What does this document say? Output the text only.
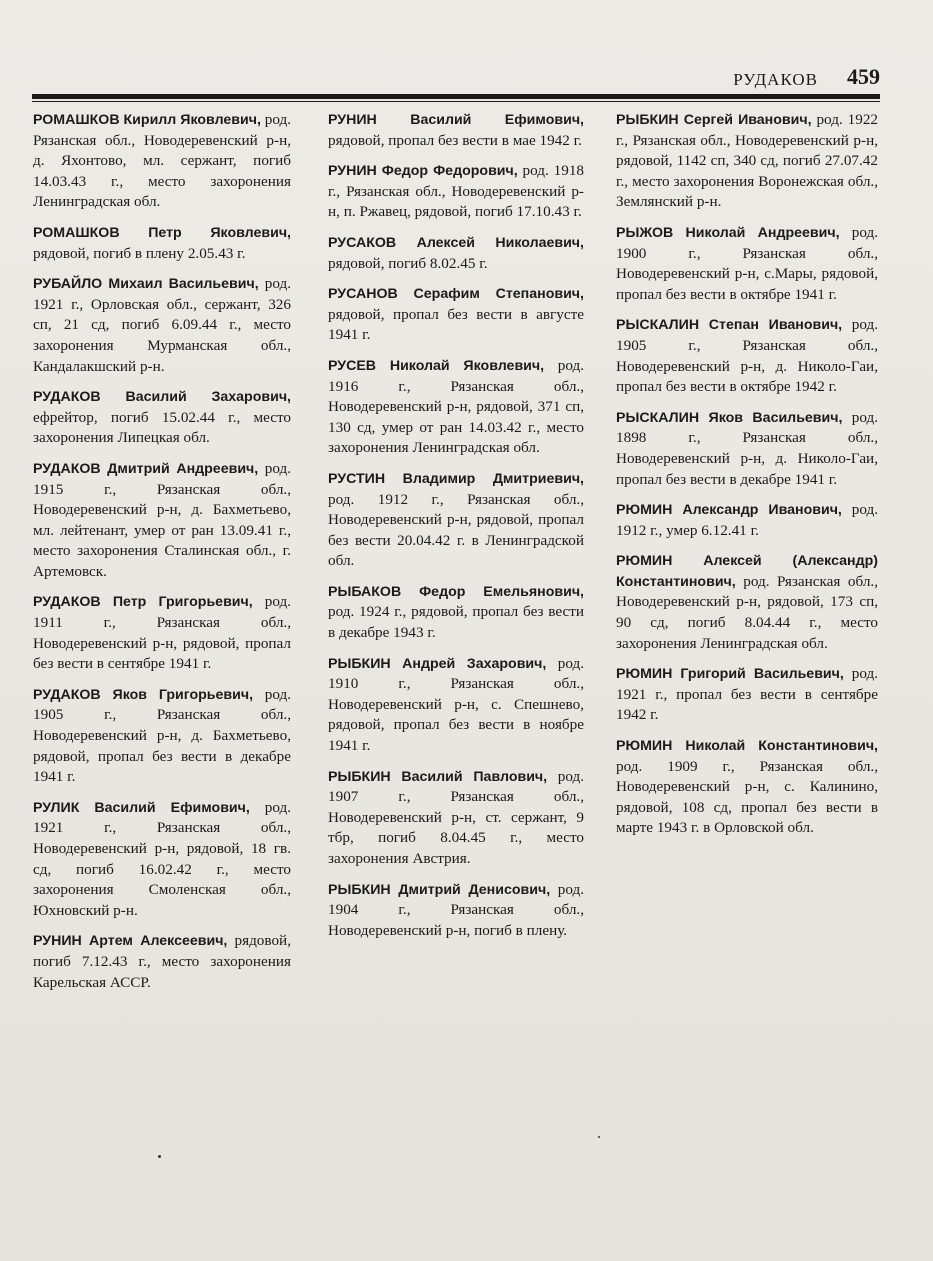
РУДАКОВ 459

РОМАШКОВ Кирилл Яковлевич, род. Рязанская обл., Новодеревенский р-н, д. Яхонтово, мл. сержант, погиб 14.03.43 г., место захоронения Ленинградская обл.

РОМАШКОВ Петр Яковлевич, рядовой, погиб в плену 2.05.43 г.

РУБАЙЛО Михаил Васильевич, род. 1921 г., Орловская обл., сержант, 326 сп, 21 сд, погиб 6.09.44 г., место захоронения Мурманская обл., Кандалакшский р-н.

РУДАКОВ Василий Захарович, ефрейтор, погиб 15.02.44 г., место захоронения Липецкая обл.

РУДАКОВ Дмитрий Андреевич, род. 1915 г., Рязанская обл., Новодеревенский р-н, д. Бахметьево, мл. лейтенант, умер от ран 13.09.41 г., место захоронения Сталинская обл., г. Артемовск.

РУДАКОВ Петр Григорьевич, род. 1911 г., Рязанская обл., Новодеревенский р-н, рядовой, пропал без вести в сентябре 1941 г.

РУДАКОВ Яков Григорьевич, род. 1905 г., Рязанская обл., Новодеревенский р-н, д. Бахметьево, рядовой, пропал без вести в декабре 1941 г.

РУЛИК Василий Ефимович, род. 1921 г., Рязанская обл., Новодеревенский р-н, рядовой, 18 гв. сд, погиб 16.02.42 г., место захоронения Смоленская обл., Юхновский р-н.

РУНИН Артем Алексеевич, рядовой, погиб 7.12.43 г., место захоронения Карельская АССР.

РУНИН Василий Ефимович, рядовой, пропал без вести в мае 1942 г.

РУНИН Федор Федорович, род. 1918 г., Рязанская обл., Новодеревенский р-н, п. Ржавец, рядовой, погиб 17.10.43 г.

РУСАКОВ Алексей Николаевич, рядовой, погиб 8.02.45 г.

РУСАНОВ Серафим Степанович, рядовой, пропал без вести в августе 1941 г.

РУСЕВ Николай Яковлевич, род. 1916 г., Рязанская обл., Новодеревенский р-н, рядовой, 371 сп, 130 сд, умер от ран 14.03.42 г., место захоронения Ленинградская обл.

РУСТИН Владимир Дмитриевич, род. 1912 г., Рязанская обл., Новодеревенский р-н, рядовой, пропал без вести 20.04.42 г. в Ленинградской обл.

РЫБАКОВ Федор Емельянович, род. 1924 г., рядовой, пропал без вести в декабре 1943 г.

РЫБКИН Андрей Захарович, род. 1910 г., Рязанская обл., Новодеревенский р-н, с. Спешнево, рядовой, пропал без вести в ноябре 1941 г.

РЫБКИН Василий Павлович, род. 1907 г., Рязанская обл., Новодеревенский р-н, ст. сержант, 9 тбр, погиб 8.04.45 г., место захоронения Австрия.

РЫБКИН Дмитрий Денисович, род. 1904 г., Рязанская обл., Новодеревенский р-н, погиб в плену.

РЫБКИН Сергей Иванович, род. 1922 г., Рязанская обл., Новодеревенский р-н, рядовой, 1142 сп, 340 сд, погиб 27.07.42 г., место захоронения Воронежская обл., Землянский р-н.

РЫЖОВ Николай Андреевич, род. 1900 г., Рязанская обл., Новодеревенский р-н, с.Мары, рядовой, пропал без вести в октябре 1941 г.

РЫСКАЛИН Степан Иванович, род. 1905 г., Рязанская обл., Новодеревенский р-н, д. Николо-Гаи, пропал без вести в октябре 1942 г.

РЫСКАЛИН Яков Васильевич, род. 1898 г., Рязанская обл., Новодеревенский р-н, д. Николо-Гаи, пропал без вести в декабре 1941 г.

РЮМИН Александр Иванович, род. 1912 г., умер 6.12.41 г.

РЮМИН Алексей (Александр) Константинович, род. Рязанская обл., Новодеревенский р-н, рядовой, 173 сп, 90 сд, погиб 8.04.44 г., место захоронения Ленинградская обл.

РЮМИН Григорий Васильевич, род. 1921 г., пропал без вести в сентябре 1942 г.

РЮМИН Николай Константинович, род. 1909 г., Рязанская обл., Новодеревенский р-н, с. Калинино, рядовой, 108 сд, пропал без вести в марте 1943 г. в Орловской обл.
